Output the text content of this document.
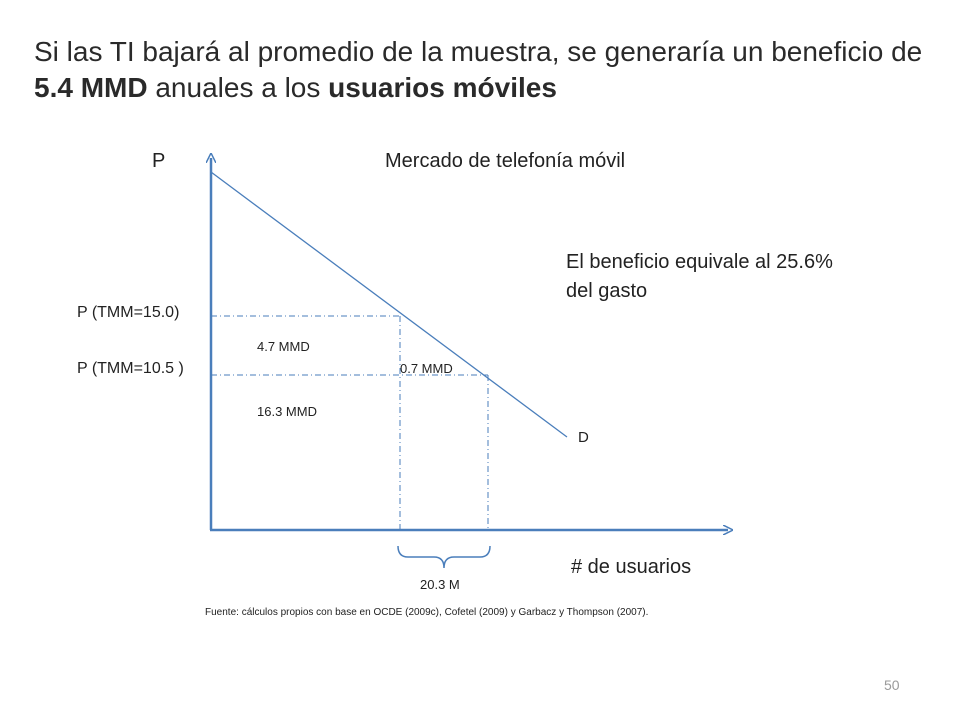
Si las TI bajará al promedio de la muestra, se generaría un beneficio de 5.4 MMD anuales a los usuarios móviles
P	Mercado de telefonía móvil
El beneficio equivale al 25.6% del gasto
P (TMM=15.0)
P (TMM=10.5 )
4.7 MMD
0.7 MMD
16.3 MMD
D
# de usuarios
20.3 M
Fuente: cálculos propios con base en OCDE (2009c), Cofetel (2009) y Garbacz y Thompson (2007).
50
